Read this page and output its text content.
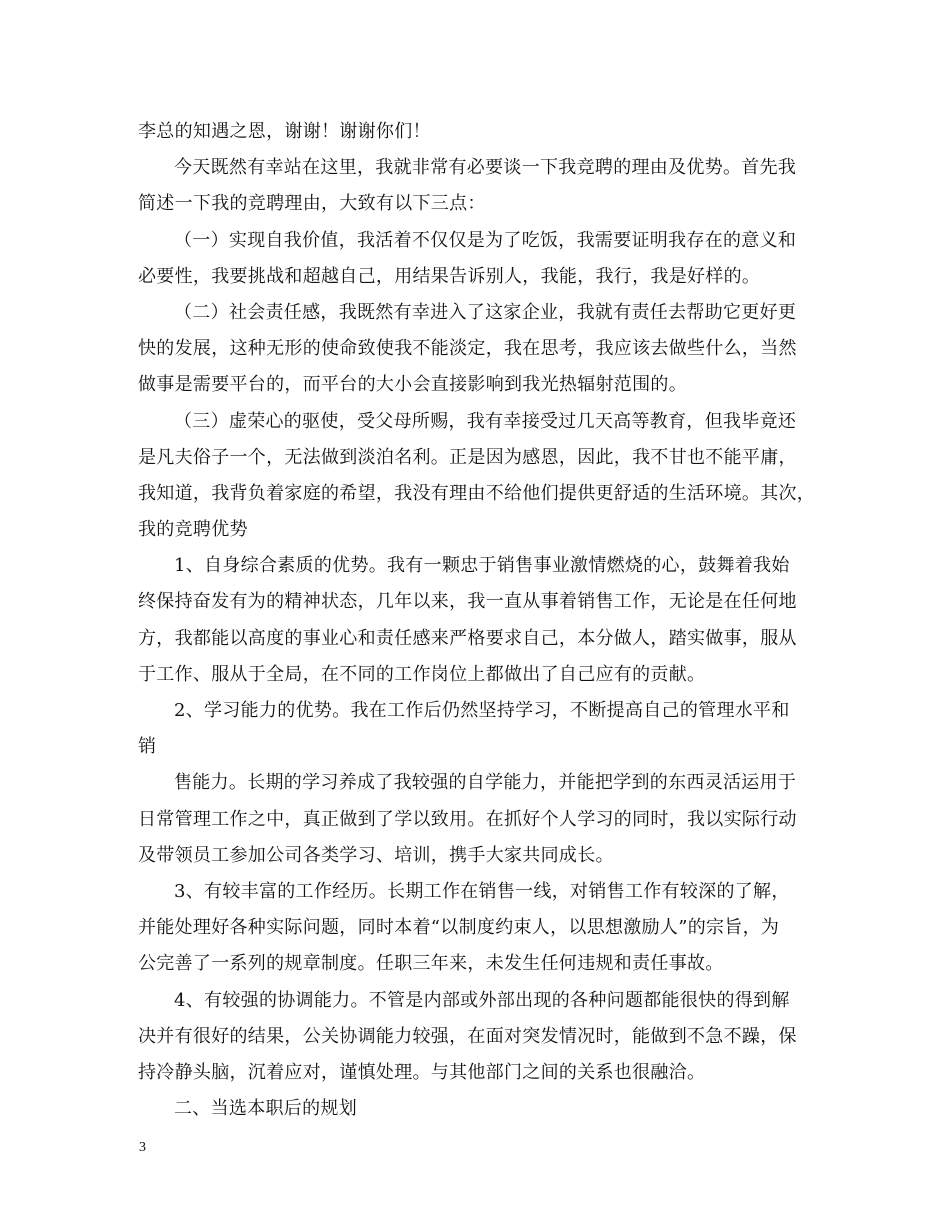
李总的知遇之恩，谢谢！谢谢你们！

今天既然有幸站在这里，我就非常有必要谈一下我竞聘的理由及优势。首先我
简述一下我的竞聘理由，大致有以下三点：

（一）实现自我价值，我活着不仅仅是为了吃饭，我需要证明我存在的意义和
必要性，我要挑战和超越自己，用结果告诉别人，我能，我行，我是好样的。

（二）社会责任感，我既然有幸进入了这家企业，我就有责任去帮助它更好更
快的发展，这种无形的使命致使我不能淡定，我在思考，我应该去做些什么，当然
做事是需要平台的，而平台的大小会直接影响到我光热辐射范围的。

（三）虚荣心的驱使，受父母所赐，我有幸接受过几天高等教育，但我毕竟还
是凡夫俗子一个，无法做到淡泊名利。正是因为感恩，因此，我不甘也不能平庸，
我知道，我背负着家庭的希望，我没有理由不给他们提供更舒适的生活环境。其次，
我的竞聘优势

1、自身综合素质的优势。我有一颗忠于销售事业激情燃烧的心，鼓舞着我始
终保持奋发有为的精神状态，几年以来，我一直从事着销售工作，无论是在任何地
方，我都能以高度的事业心和责任感来严格要求自己，本分做人，踏实做事，服从
于工作、服从于全局，在不同的工作岗位上都做出了自己应有的贡献。

2、学习能力的优势。我在工作后仍然坚持学习，不断提高自己的管理水平和
销

售能力。长期的学习养成了我较强的自学能力，并能把学到的东西灵活运用于
日常管理工作之中，真正做到了学以致用。在抓好个人学习的同时，我以实际行动
及带领员工参加公司各类学习、培训，携手大家共同成长。

3、有较丰富的工作经历。长期工作在销售一线，对销售工作有较深的了解，
并能处理好各种实际问题，同时本着“以制度约束人，以思想激励人”的宗旨，为
公完善了一系列的规章制度。任职三年来，未发生任何违规和责任事故。

4、有较强的协调能力。不管是内部或外部出现的各种问题都能很快的得到解
决并有很好的结果，公关协调能力较强，在面对突发情况时，能做到不急不躁，保
持冷静头脑，沉着应对，谨慎处理。与其他部门之间的关系也很融洽。

二、当选本职后的规划

3
